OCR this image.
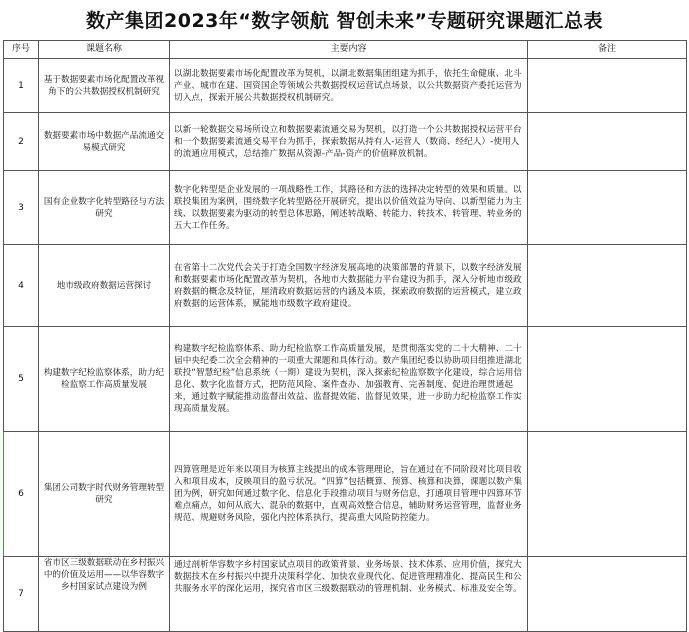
数产集团2023年“数字领航 智创未来”专题研究课题汇总表
序号	课题名称	主要内容	备注
1	基于数据要素市场化配置改革视角下的公共数据授权机制研究	以湖北数据要素市场化配置改革为契机，以湖北数据集团组建为抓手，依托生命健康、北斗产业、城市在建、国资国企等领域公共数据授权运营试点场景，以公共数据资产委托运营为切入点，探索开展公共数据授权机制研究。	
2	数据要素市场中数据产品流通交易模式研究	以新一轮数据交易场所设立和数据要素流通交易为契机，以打造一个公共数据授权运营平台和一个数据要素流通交易平台为抓手，探索数据从持有人-运营人（数商、经纪人）-使用人的流通应用模式，总结推广数据从资源-产品-资产的价值释放机制。	
3	国有企业数字化转型路径与方法研究	数字化转型是企业发展的一项战略性工作，其路径和方法的选择决定转型的效果和质量。以联投集团为案例，围绕数字化转型路径开展研究，提出以价值效益为导向、以新型能力为主线、以数据要素为驱动的转型总体思路，阐述转战略、转能力、转技术、转管理、转业务的五大工作任务。	
4	地市级政府数据运营探讨	在省第十二次党代会关于打造全国数字经济发展高地的决策部署的背景下，以数字经济发展和数据要素市场化配置改革为契机，各地市大数据能力平台建设为抓手，深入分析地市级政府数据的概念及特征，厘清政府数据运营的内涵及本质，探索政府数据的运营模式，建立政府数据的运营体系，赋能地市级数字政府建设。	
5	构建数字纪检监察体系，助力纪检监察工作高质量发展	构建数字纪检监察体系、助力纪检监察工作高质量发展，是贯彻落实党的二十大精神、二十届中央纪委二次全会精神的一项重大课题和具体行动。数产集团纪委以协助项目组推进湖北联投“智慧纪检”信息系统（一期）建设为契机，深入探索纪检监察数字化建设，综合运用信息化、数字化监督方式，把防范风险、案件查办、加强教育、完善制度、促进治理贯通起来，通过数字赋能推动监督出效益、监督提效能、监督见效果，进一步助力纪检监察工作实现高质量发展。	
6	集团公司数字时代财务管理转型研究	四算管理是近年来以项目为核算主线提出的成本管理理论，旨在通过在不同阶段对比项目收入和项目成本，反映项目的盈亏状况。“四算”包括概算、预算、核算和决算，课题以数产集团为例，研究如何通过数字化、信息化手段推动项目与财务信息，打通项目管理中四算环节难点痛点，如何从底大、混杂的数据中，直观高效整合信息，辅助财务运营管理，监督业务规范、规避财务风险，强化内控体系执行，提高重大风险防控能力。	
7	省市区三级数据联动在乡村振兴中的价值及运用——以华容数字乡村国家试点建设为例	通过剖析华容数字乡村国家试点项目的政策背景、业务场景、技术体系、应用价值，探究大数据技术在乡村振兴中提升决策科学化、加快农业现代化、促进管理精准化、提高民生和公共服务水平的深化运用，探究省市区三级数据联动的管理机制、业务模式、标准及安全等。	
